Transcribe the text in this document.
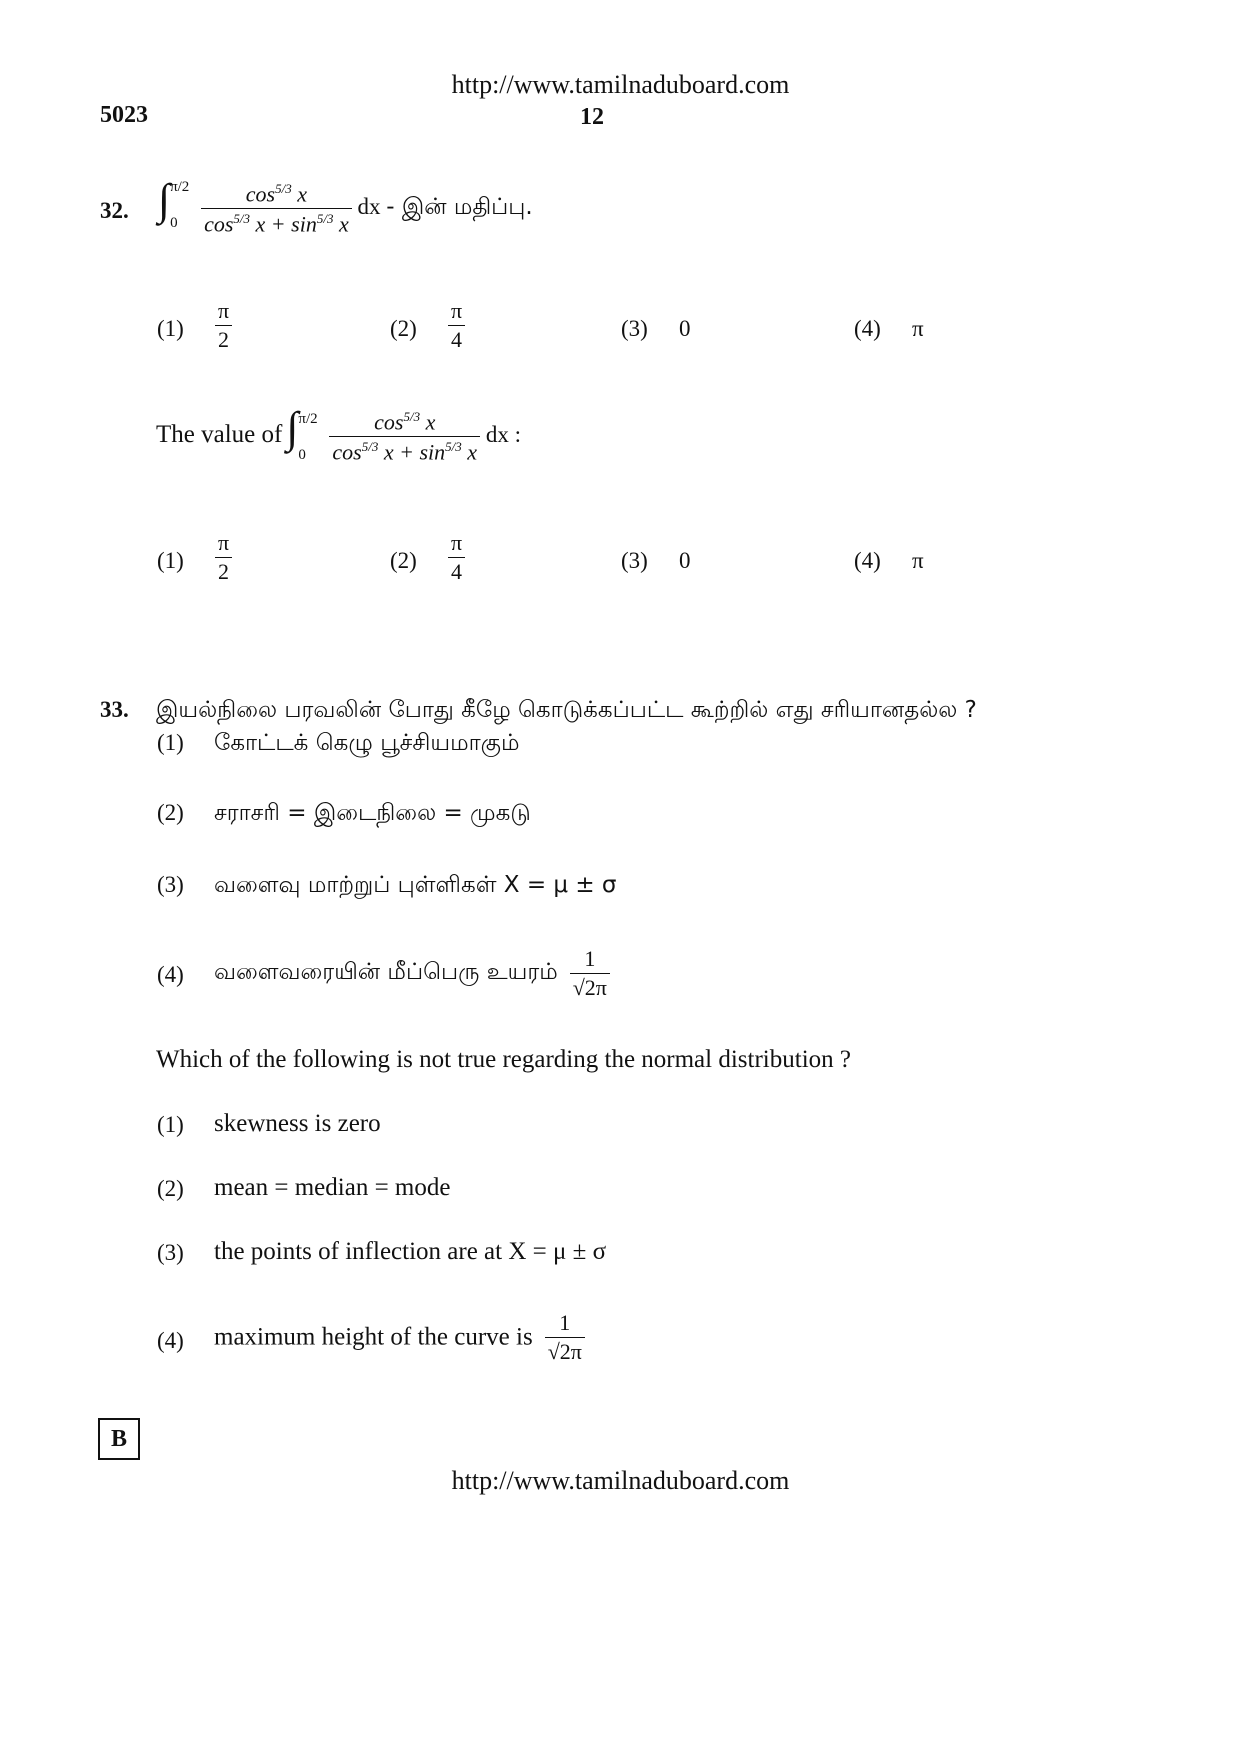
http://www.tamilnaduboard.com
5023	12
32. ∫ π/2
0
	$\frac{\cos^{5/3} x}{\cos^{5/3} x + \sin^{5/3} x}$ dx - இன் மதிப்பு.
$(1) \frac{\pi}{2}$	$(2) \frac{\pi}{4}$	(3) 0	(4) π
The value of ∫ π/2
0
	$\frac{\cos^{5/3} x}{\cos^{5/3} x + \sin^{5/3} x}$ dx :
$(1) \frac{\pi}{2}$	$(2) \frac{\pi}{4}$	(3) 0	(4) π
33. இயல்நிலை பரவலின் போது கீழே கொடுக்கப்பட்ட கூற்றில் எது சரியானதல்ல ?
(1) கோட்டக் கெழு பூச்சியமாகும்
(2) சராசரி = இடைநிலை = முகடு
(3) வளைவு மாற்றுப் புள்ளிகள் X = μ ± σ
(4) வளைவரையின் மீப்பெரு உயரம் $\frac{1}{√2\pi}$
Which of the following is not true regarding the normal distribution ?
(1) skewness is zero
(2) mean = median = mode
(3) the points of inflection are at X = μ ± σ
(4) maximum height of the curve is $\frac{1}{√2\pi}$
B
http://www.tamilnaduboard.com
